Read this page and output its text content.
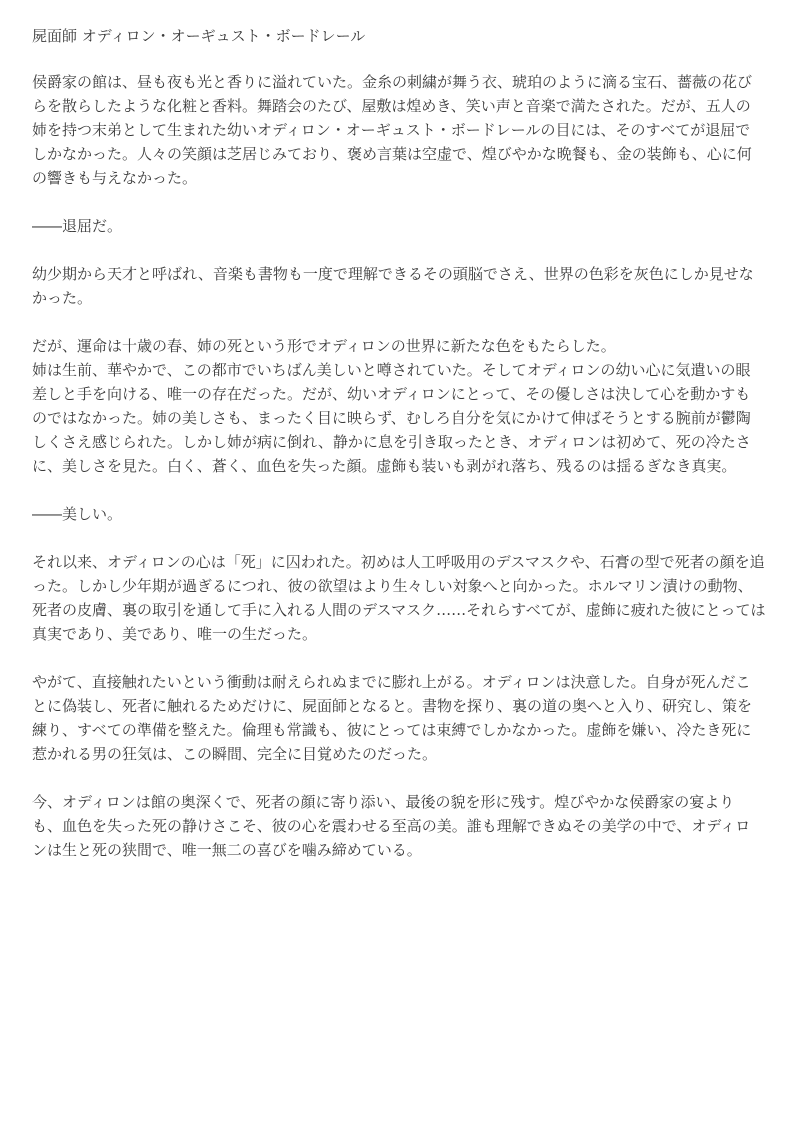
屍面師 オディロン・オーギュスト・ボードレール
侯爵家の館は、昼も夜も光と香りに溢れていた。金糸の刺繍が舞う衣、琥珀のように滴る宝石、薔薇の花び
らを散らしたような化粧と香料。舞踏会のたび、屋敷は煌めき、笑い声と音楽で満たされた。だが、五人の
姉を持つ末弟として生まれた幼いオディロン・オーギュスト・ボードレールの目には、そのすべてが退屈で
しかなかった。人々の笑顔は芝居じみており、褒め言葉は空虚で、煌びやかな晩餐も、金の装飾も、心に何
の響きも与えなかった。
――退屈だ。
幼少期から天才と呼ばれ、音楽も書物も一度で理解できるその頭脳でさえ、世界の色彩を灰色にしか見せな
かった。
だが、運命は十歳の春、姉の死という形でオディロンの世界に新たな色をもたらした。
姉は生前、華やかで、この都市でいちばん美しいと噂されていた。そしてオディロンの幼い心に気遣いの眼
差しと手を向ける、唯一の存在だった。だが、幼いオディロンにとって、その優しさは決して心を動かすも
のではなかった。姉の美しさも、まったく目に映らず、むしろ自分を気にかけて伸ばそうとする腕前が鬱陶
しくさえ感じられた。しかし姉が病に倒れ、静かに息を引き取ったとき、オディロンは初めて、死の冷たさ
に、美しさを見た。白く、蒼く、血色を失った顔。虚飾も装いも剥がれ落ち、残るのは揺るぎなき真実。
――美しい。
それ以来、オディロンの心は「死」に囚われた。初めは人工呼吸用のデスマスクや、石膏の型で死者の顔を追
った。しかし少年期が過ぎるにつれ、彼の欲望はより生々しい対象へと向かった。ホルマリン漬けの動物、
死者の皮膚、裏の取引を通して手に入れる人間のデスマスク……それらすべてが、虚飾に疲れた彼にとっては
真実であり、美であり、唯一の生だった。
やがて、直接触れたいという衝動は耐えられぬまでに膨れ上がる。オディロンは決意した。自身が死んだこ
とに偽装し、死者に触れるためだけに、屍面師となると。書物を探り、裏の道の奥へと入り、研究し、策を
練り、すべての準備を整えた。倫理も常識も、彼にとっては束縛でしかなかった。虚飾を嫌い、冷たき死に
惹かれる男の狂気は、この瞬間、完全に目覚めたのだった。
今、オディロンは館の奥深くで、死者の顔に寄り添い、最後の貌を形に残す。煌びやかな侯爵家の宴より
も、血色を失った死の静けさこそ、彼の心を震わせる至高の美。誰も理解できぬその美学の中で、オディロ
ンは生と死の狭間で、唯一無二の喜びを噛み締めている。
